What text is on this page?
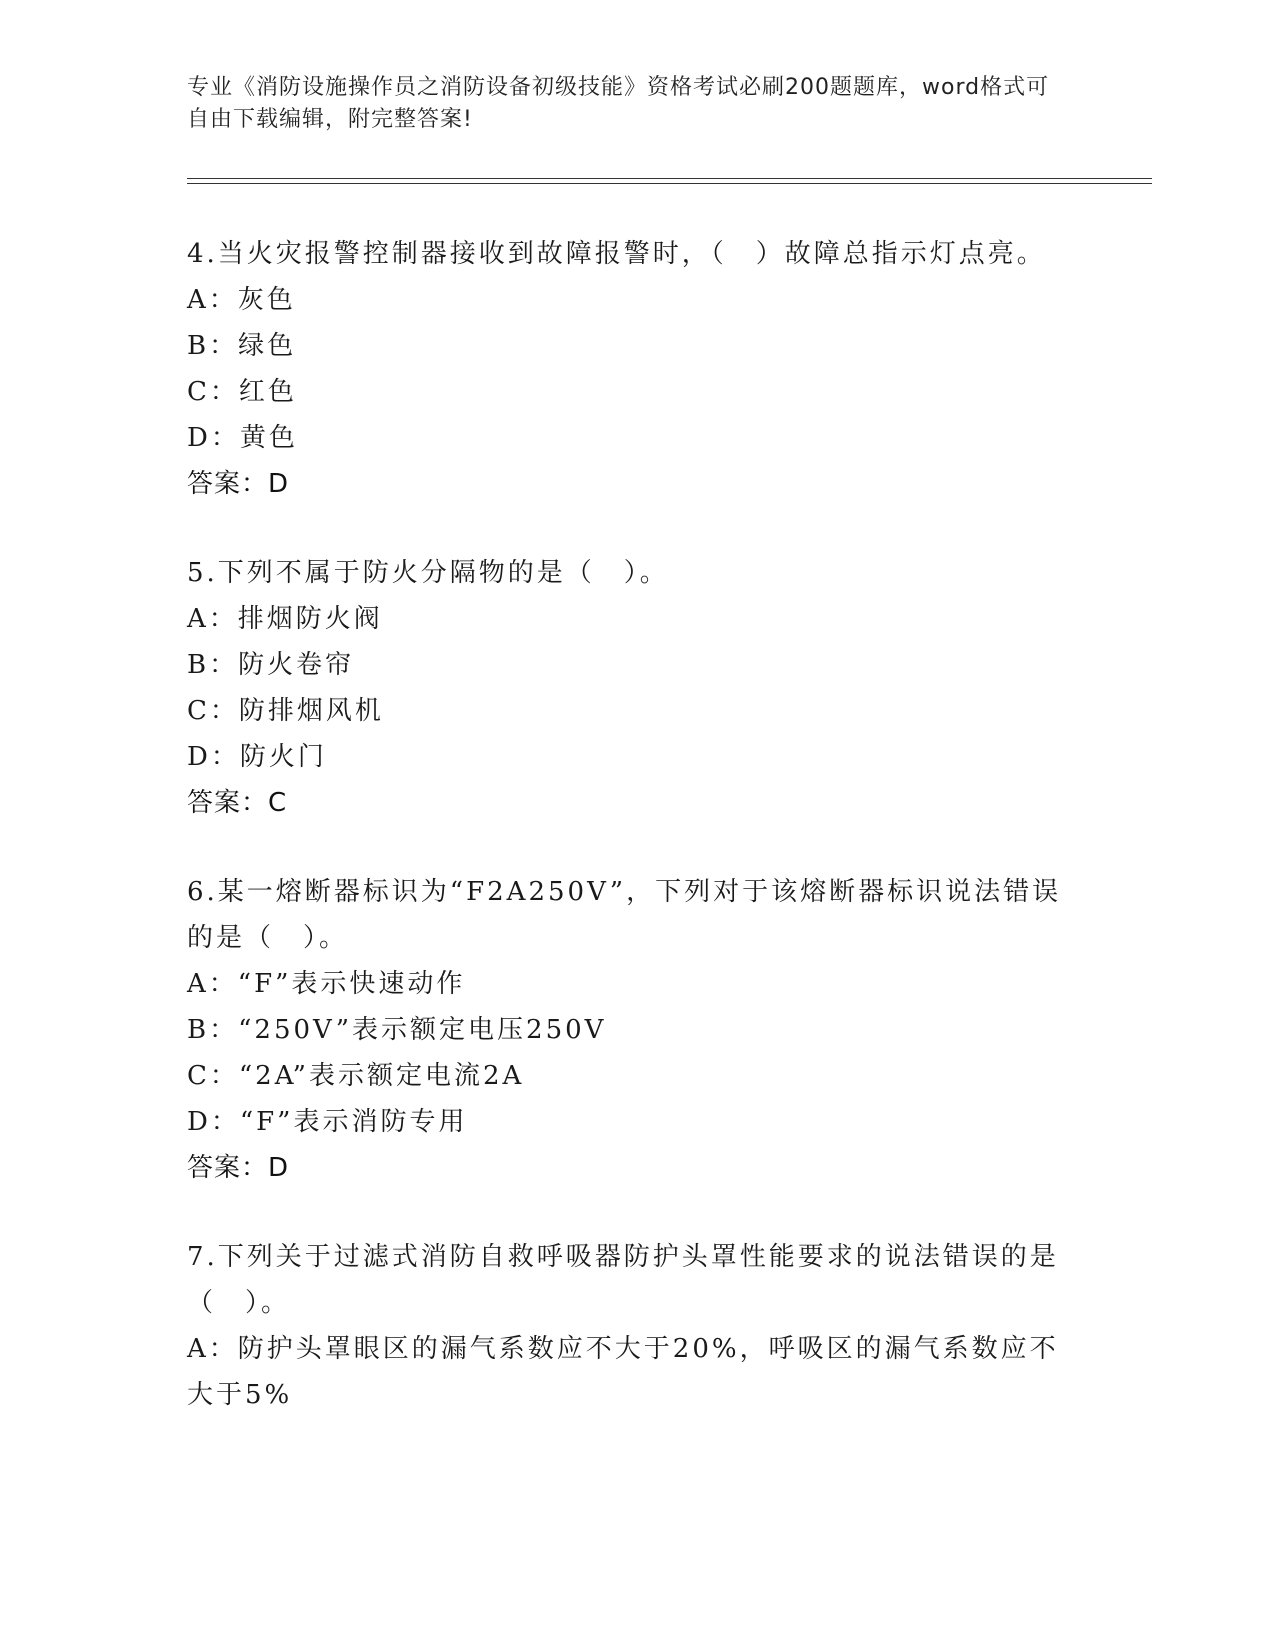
专业《消防设施操作员之消防设备初级技能》资格考试必刷200题题库，word格式可自由下载编辑，附完整答案!

4.当火灾报警控制器接收到故障报警时，（　）故障总指示灯点亮。

A：灰色

B：绿色

C：红色

D：黄色

答案：D

5.下列不属于防火分隔物的是（　）。

A：排烟防火阀

B：防火卷帘

C：防排烟风机

D：防火门

答案：C

6.某一熔断器标识为“F2A250V”，下列对于该熔断器标识说法错误的是（　）。

A：“F”表示快速动作

B：“250V”表示额定电压250V

C：“2A”表示额定电流2A

D：“F”表示消防专用

答案：D

7.下列关于过滤式消防自救呼吸器防护头罩性能要求的说法错误的是（　）。

A：防护头罩眼区的漏气系数应不大于20%，呼吸区的漏气系数应不大于5%
